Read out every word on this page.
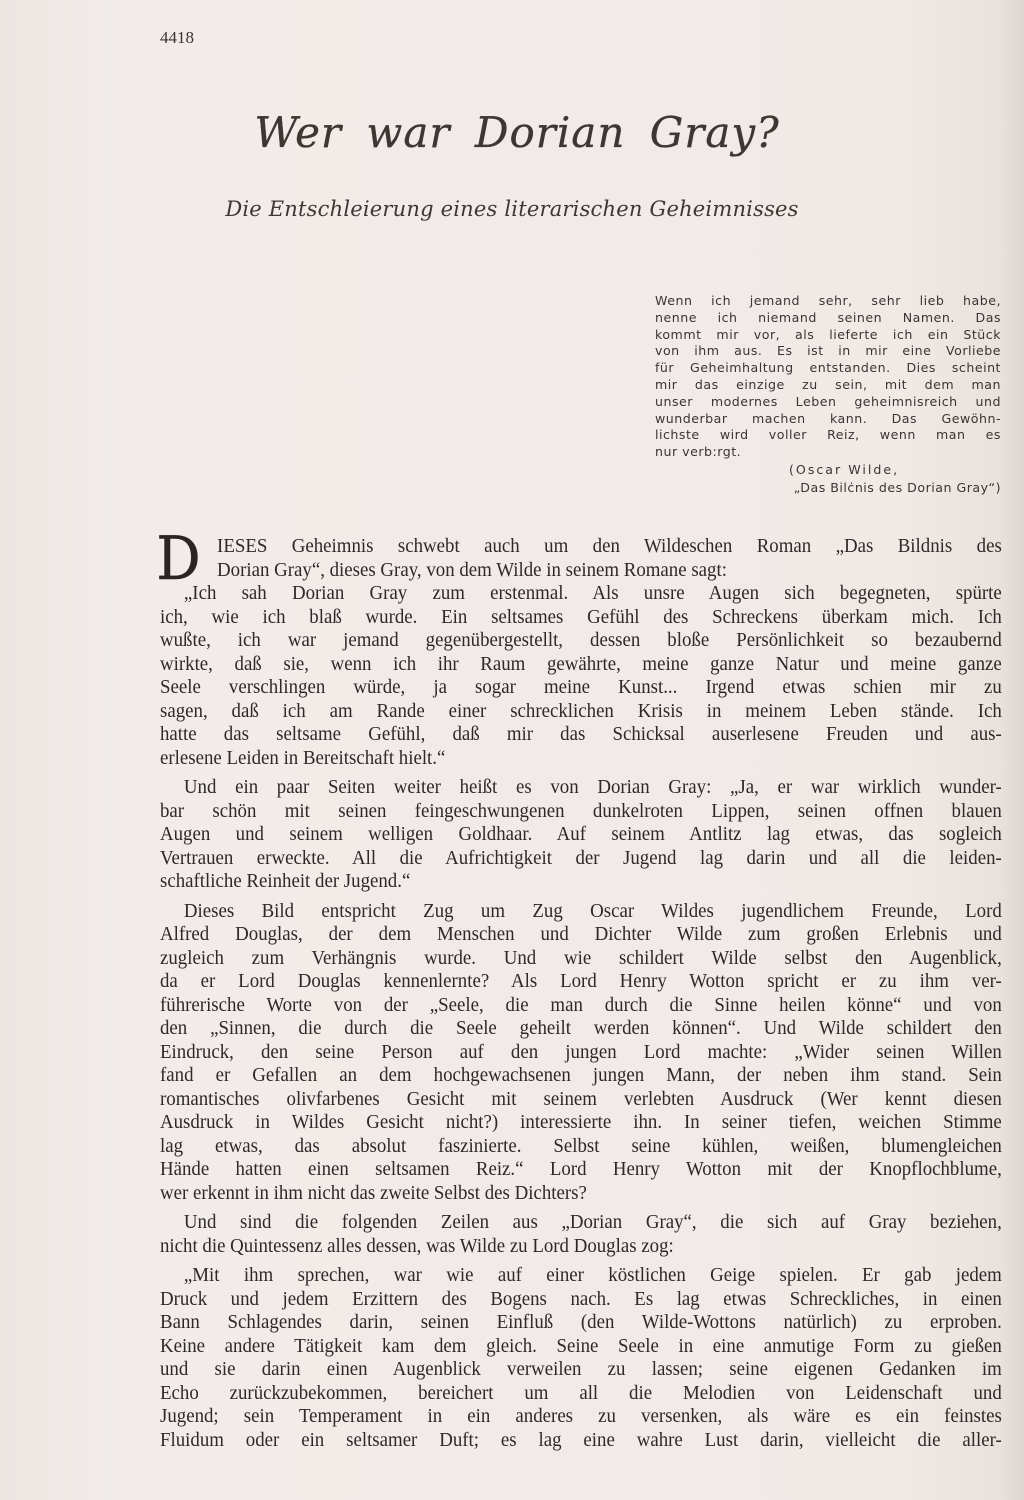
4418
Wer war Dorian Gray?
Die Entschleierung eines literarischen Geheimnisses
Wenn ich jemand sehr, sehr lieb habe,
nenne ich niemand seinen Namen. Das
kommt mir vor, als lieferte ich ein Stück
von ihm aus. Es ist in mir eine Vorliebe
für Geheimhaltung entstanden. Dies scheint
mir das einzige zu sein, mit dem man
unser modernes Leben geheimnisreich und
wunderbar machen kann. Das Gewöhn-
lichste wird voller Reiz, wenn man es
nur verb:rgt.
(Oscar Wilde,
„Das Bilċnis des Dorian Gray“)
D IESES Geheimnis schwebt auch um den Wildeschen Roman „Das Bildnis des
Dorian Gray“, dieses Gray, von dem Wilde in seinem Romane sagt:
„Ich sah Dorian Gray zum erstenmal. Als unsre Augen sich begegneten, spürte
ich, wie ich blaß wurde. Ein seltsames Gefühl des Schreckens überkam mich. Ich
wußte, ich war jemand gegenübergestellt, dessen bloße Persönlichkeit so bezaubernd
wirkte, daß sie, wenn ich ihr Raum gewährte, meine ganze Natur und meine ganze
Seele verschlingen würde, ja sogar meine Kunst... Irgend etwas schien mir zu
sagen, daß ich am Rande einer schrecklichen Krisis in meinem Leben stände. Ich
hatte das seltsame Gefühl, daß mir das Schicksal auserlesene Freuden und aus-
erlesene Leiden in Bereitschaft hielt.“
Und ein paar Seiten weiter heißt es von Dorian Gray: „Ja, er war wirklich wunder-
bar schön mit seinen feingeschwungenen dunkelroten Lippen, seinen offnen blauen
Augen und seinem welligen Goldhaar. Auf seinem Antlitz lag etwas, das sogleich
Vertrauen erweckte. All die Aufrichtigkeit der Jugend lag darin und all die leiden-
schaftliche Reinheit der Jugend.“
Dieses Bild entspricht Zug um Zug Oscar Wildes jugendlichem Freunde, Lord
Alfred Douglas, der dem Menschen und Dichter Wilde zum großen Erlebnis und
zugleich zum Verhängnis wurde. Und wie schildert Wilde selbst den Augenblick,
da er Lord Douglas kennenlernte? Als Lord Henry Wotton spricht er zu ihm ver-
führerische Worte von der „Seele, die man durch die Sinne heilen könne“ und von
den „Sinnen, die durch die Seele geheilt werden können“. Und Wilde schildert den
Eindruck, den seine Person auf den jungen Lord machte: „Wider seinen Willen
fand er Gefallen an dem hochgewachsenen jungen Mann, der neben ihm stand. Sein
romantisches olivfarbenes Gesicht mit seinem verlebten Ausdruck (Wer kennt diesen
Ausdruck in Wildes Gesicht nicht?) interessierte ihn. In seiner tiefen, weichen Stimme
lag etwas, das absolut faszinierte. Selbst seine kühlen, weißen, blumengleichen
Hände hatten einen seltsamen Reiz.“ Lord Henry Wotton mit der Knopflochblume,
wer erkennt in ihm nicht das zweite Selbst des Dichters?
Und sind die folgenden Zeilen aus „Dorian Gray“, die sich auf Gray beziehen,
nicht die Quintessenz alles dessen, was Wilde zu Lord Douglas zog:
„Mit ihm sprechen, war wie auf einer köstlichen Geige spielen. Er gab jedem
Druck und jedem Erzittern des Bogens nach. Es lag etwas Schreckliches, in einen
Bann Schlagendes darin, seinen Einfluß (den Wilde-Wottons natürlich) zu erproben.
Keine andere Tätigkeit kam dem gleich. Seine Seele in eine anmutige Form zu gießen
und sie darin einen Augenblick verweilen zu lassen; seine eigenen Gedanken im
Echo zurückzubekommen, bereichert um all die Melodien von Leidenschaft und
Jugend; sein Temperament in ein anderes zu versenken, als wäre es ein feinstes
Fluidum oder ein seltsamer Duft; es lag eine wahre Lust darin, vielleicht die aller-
